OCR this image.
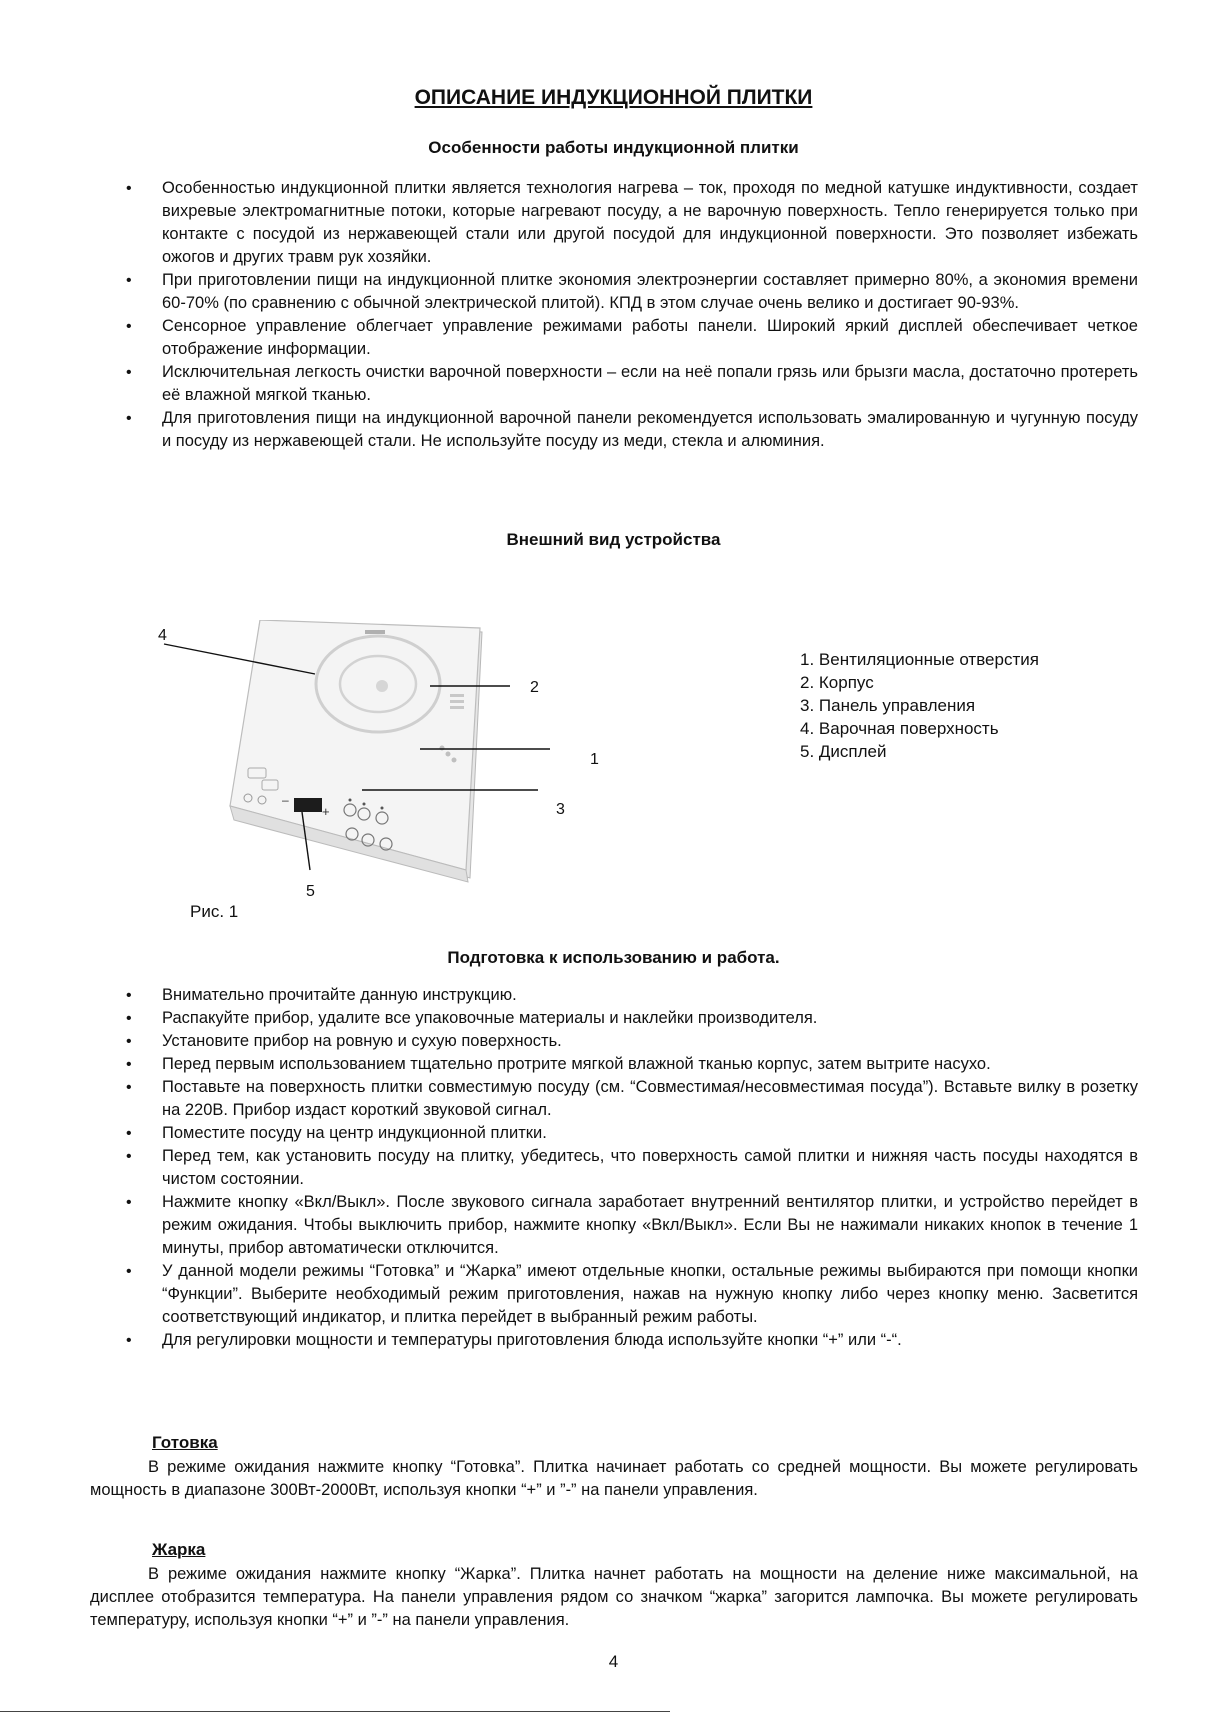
ОПИСАНИЕ ИНДУКЦИОННОЙ ПЛИТКИ
Особенности работы индукционной плитки
• Особенностью индукционной плитки является технология нагрева – ток, проходя по медной катушке индуктивности, создает вихревые электромагнитные потоки, которые нагревают посуду, а не варочную поверхность. Тепло генерируется только при контакте с посудой из нержавеющей стали или другой посудой для индукционной поверхности. Это позволяет избежать ожогов и других травм рук хозяйки.
• При приготовлении пищи на индукционной плитке экономия электроэнергии составляет примерно 80%, а экономия времени 60-70% (по сравнению с обычной электрической плитой). КПД в этом случае очень велико и достигает 90-93%.
• Сенсорное управление облегчает управление режимами работы панели. Широкий яркий дисплей обеспечивает четкое отображение информации.
• Исключительная легкость очистки варочной поверхности – если на неё попали грязь или брызги масла, достаточно протереть её влажной мягкой тканью.
• Для приготовления пищи на индукционной варочной панели рекомендуется использовать эмалированную и чугунную посуду и посуду из нержавеющей стали. Не используйте посуду из меди, стекла и алюминия.
Внешний вид устройства
–
+
4
2
1
3
5
1. Вентиляционные отверстия
2. Корпус
3. Панель управления
4. Варочная поверхность
5. Дисплей
Рис. 1
Подготовка к использованию и работа.
• Внимательно прочитайте данную инструкцию.
• Распакуйте прибор, удалите все упаковочные материалы и наклейки производителя.
• Установите прибор на ровную и сухую поверхность.
• Перед первым использованием тщательно протрите мягкой влажной тканью корпус, затем вытрите насухо.
• Поставьте на поверхность плитки совместимую посуду (см. “Совместимая/несовместимая посуда”). Вставьте вилку в розетку на 220В. Прибор издаст короткий звуковой сигнал.
• Поместите посуду на центр индукционной плитки.
• Перед тем, как установить посуду на плитку, убедитесь, что поверхность самой плитки и нижняя часть посуды находятся в чистом состоянии.
• Нажмите кнопку «Вкл/Выкл». После звукового сигнала заработает внутренний вентилятор плитки, и устройство перейдет в режим ожидания. Чтобы выключить прибор, нажмите кнопку «Вкл/Выкл». Если Вы не нажимали никаких кнопок в течение 1 минуты, прибор автоматически отключится.
• У данной модели режимы “Готовка” и “Жарка” имеют отдельные кнопки, остальные режимы выбираются при помощи кнопки “Функции”. Выберите необходимый режим приготовления, нажав на нужную кнопку либо через кнопку меню. Засветится соответствующий индикатор, и плитка перейдет в выбранный режим работы.
• Для регулировки мощности и температуры приготовления блюда используйте кнопки “+” или “-“.
Готовка

В режиме ожидания нажмите кнопку “Готовка”. Плитка начинает работать со средней мощности. Вы можете регулировать мощность в диапазоне 300Вт-2000Вт, используя кнопки “+” и ”-” на панели управления.

Жарка

В режиме ожидания нажмите кнопку “Жарка”. Плитка начнет работать на мощности на деление ниже максимальной, на дисплее отобразится температура. На панели управления рядом со значком “жарка” загорится лампочка. Вы можете регулировать температуру, используя кнопки “+” и ”-” на панели управления.

4
